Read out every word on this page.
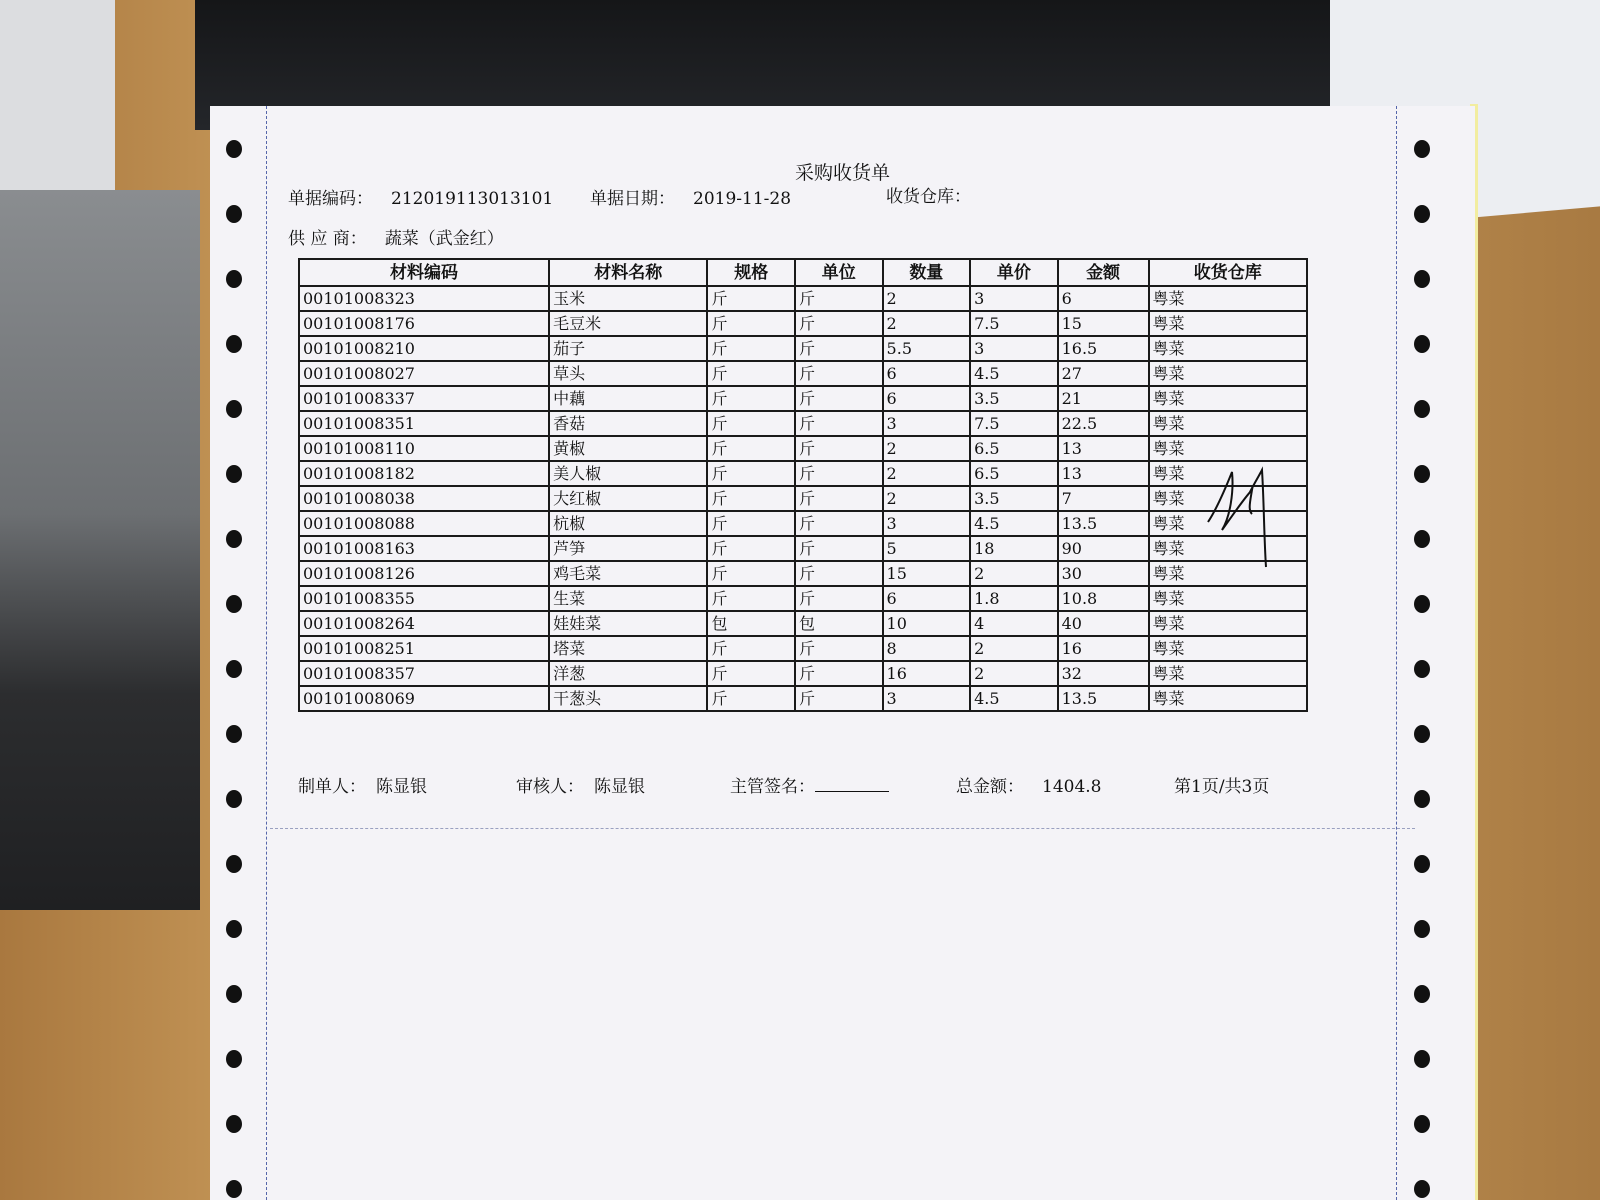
采购收货单
单据编码： 212019113013101 单据日期： 2019-11-28	收货仓库：
供 应 商： 蔬菜（武金红）
材料编码	材料名称	规格	单位	数量	单价	金额	收货仓库
00101008323	玉米	斤	斤	2	3	6	粤菜
00101008176	毛豆米	斤	斤	2	7.5	15	粤菜
00101008210	茄子	斤	斤	5.5	3	16.5	粤菜
00101008027	草头	斤	斤	6	4.5	27	粤菜
00101008337	中藕	斤	斤	6	3.5	21	粤菜
00101008351	香菇	斤	斤	3	7.5	22.5	粤菜
00101008110	黄椒	斤	斤	2	6.5	13	粤菜
00101008182	美人椒	斤	斤	2	6.5	13	粤菜
00101008038	大红椒	斤	斤	2	3.5	7	粤菜
00101008088	杭椒	斤	斤	3	4.5	13.5	粤菜
00101008163	芦笋	斤	斤	5	18	90	粤菜
00101008126	鸡毛菜	斤	斤	15	2	30	粤菜
00101008355	生菜	斤	斤	6	1.8	10.8	粤菜
00101008264	娃娃菜	包	包	10	4	40	粤菜
00101008251	塔菜	斤	斤	8	2	16	粤菜
00101008357	洋葱	斤	斤	16	2	32	粤菜
00101008069	干葱头	斤	斤	3	4.5	13.5	粤菜
制单人： 陈显银	审核人： 陈显银	主管签名：	总金额： 1404.8	第1页/共3页
